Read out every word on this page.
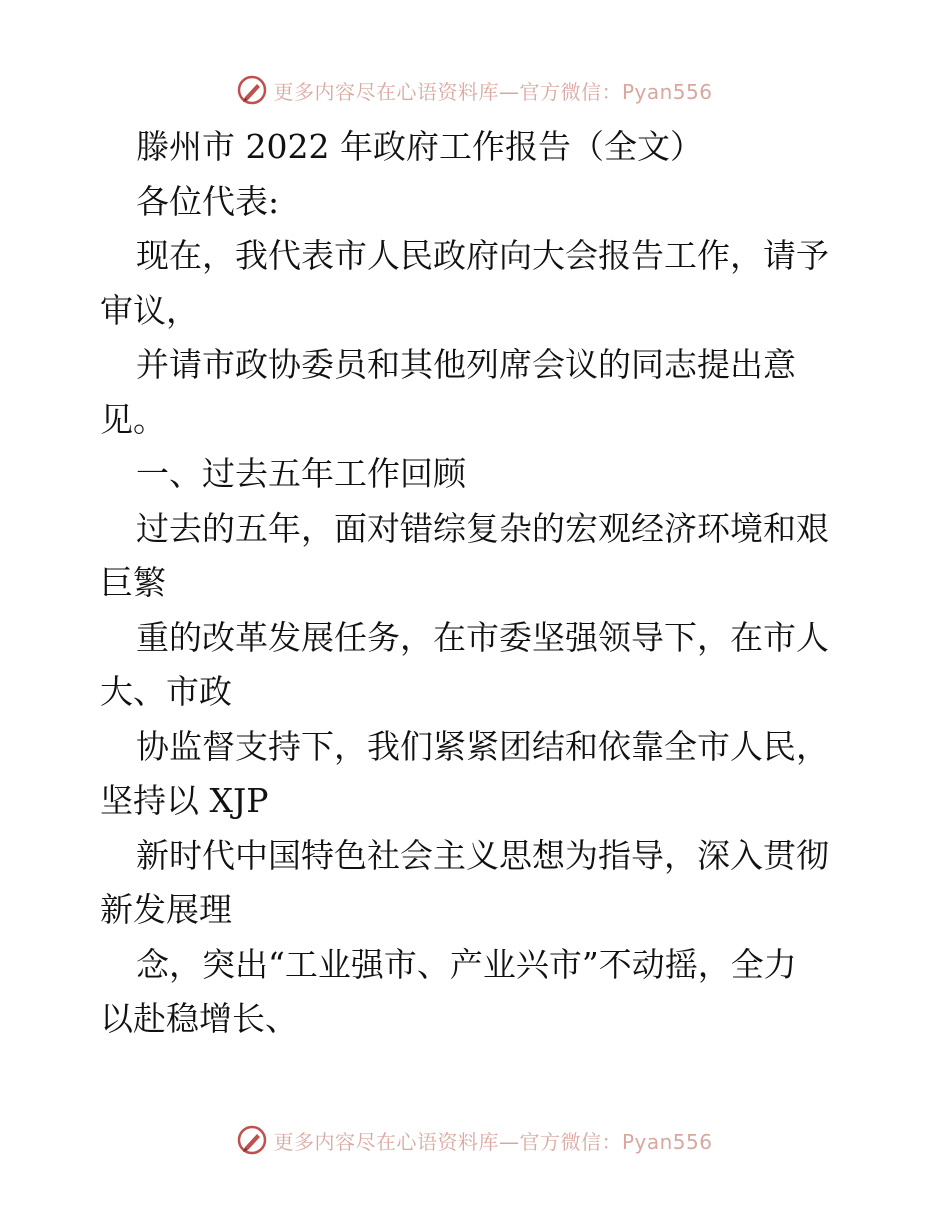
更多内容尽在心语资料库—官方微信：Pyan556
滕州市 2022 年政府工作报告（全文）
各位代表:
现在，我代表市人民政府向大会报告工作，请予
审议，
并请市政协委员和其他列席会议的同志提出意
见。
一、过去五年工作回顾
过去的五年，面对错综复杂的宏观经济环境和艰
巨繁
重的改革发展任务，在市委坚强领导下，在市人
大、市政
协监督支持下，我们紧紧团结和依靠全市人民，
坚持以 XJP
新时代中国特色社会主义思想为指导，深入贯彻
新发展理
念，突出“工业强市、产业兴市”不动摇，全力
以赴稳增长、
更多内容尽在心语资料库—官方微信：Pyan556
